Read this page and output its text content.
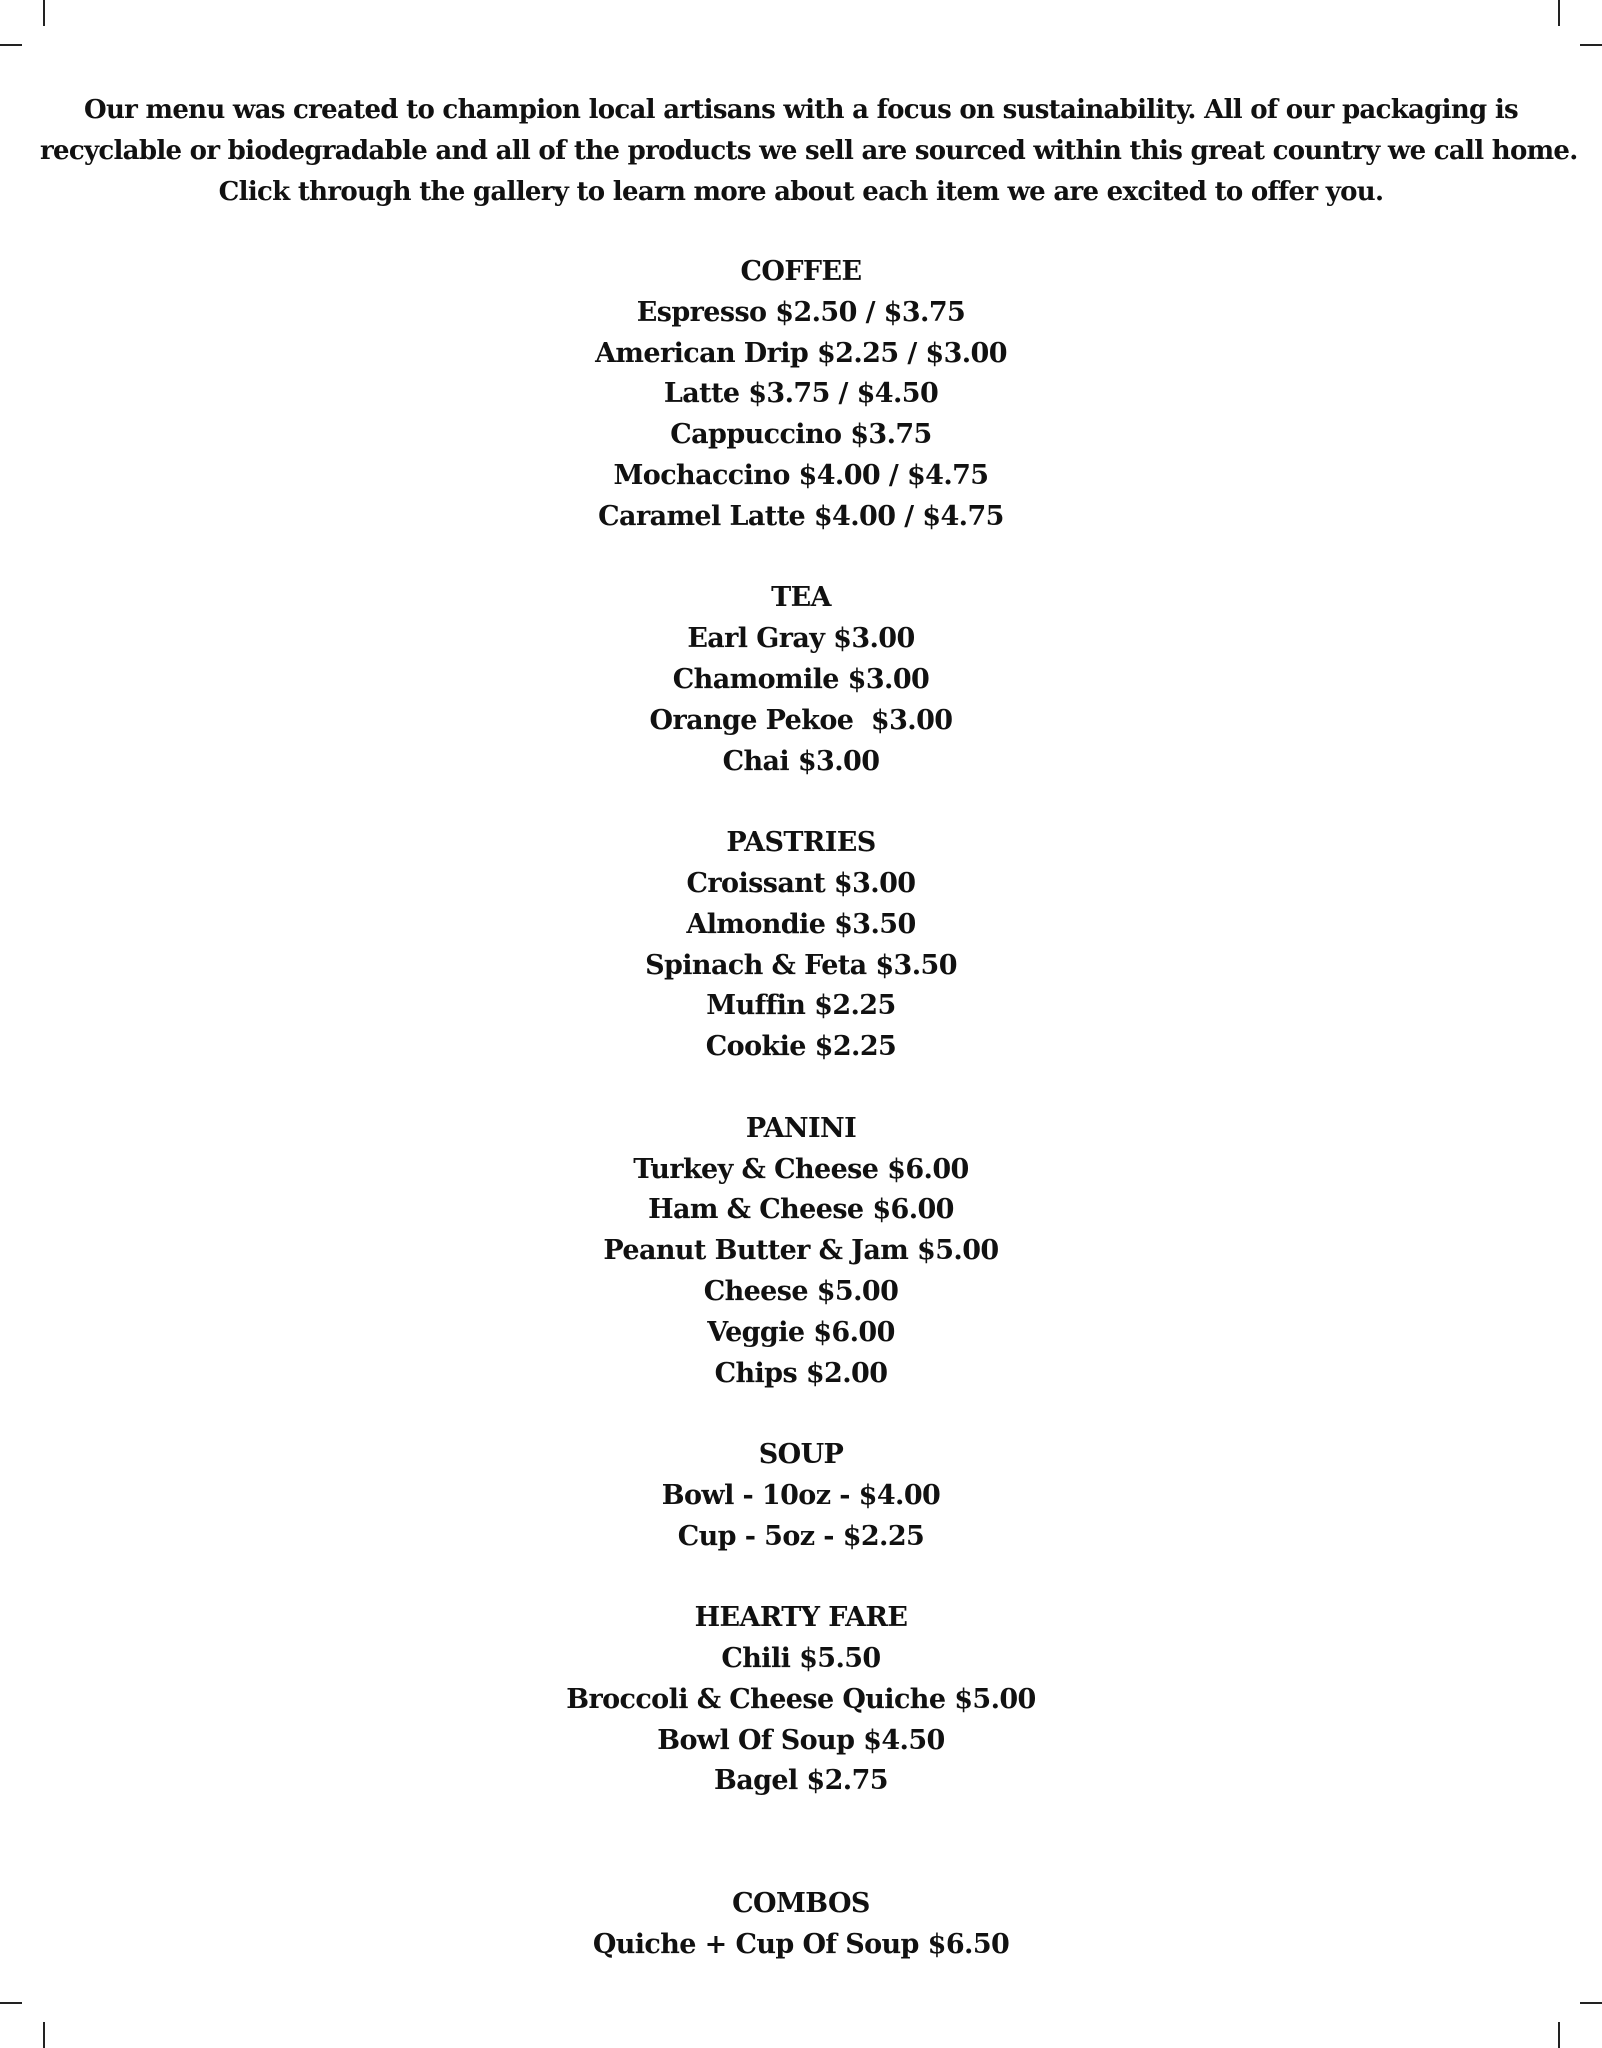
Our menu was created to champion local artisans with a focus on sustainability. All of our packaging is
recyclable or biodegradable and all of the products we sell are sourced within this great country we call home.
Click through the gallery to learn more about each item we are excited to offer you.
COFFEE
Espresso $2.50 / $3.75
American Drip $2.25 / $3.00
Latte $3.75 / $4.50
Cappuccino $3.75
Mochaccino $4.00 / $4.75
Caramel Latte $4.00 / $4.75
TEA
Earl Gray $3.00
Chamomile $3.00
Orange Pekoe  $3.00
Chai $3.00
PASTRIES
Croissant $3.00
Almondie $3.50
Spinach & Feta $3.50
Muffin $2.25
Cookie $2.25
PANINI
Turkey & Cheese $6.00
Ham & Cheese $6.00
Peanut Butter & Jam $5.00
Cheese $5.00
Veggie $6.00
Chips $2.00
SOUP
Bowl - 10oz - $4.00
Cup - 5oz - $2.25
HEARTY FARE
Chili $5.50
Broccoli & Cheese Quiche $5.00
Bowl Of Soup $4.50
Bagel $2.75
COMBOS
Quiche + Cup Of Soup $6.50
